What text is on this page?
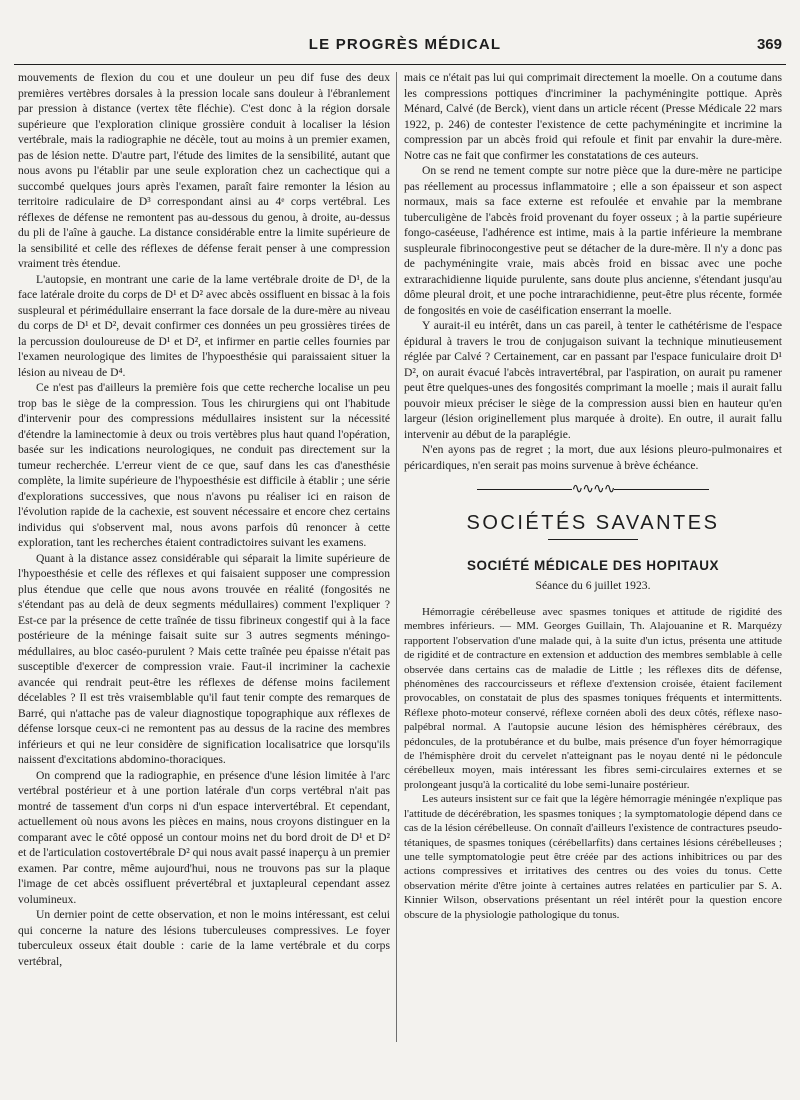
LE PROGRÈS MÉDICAL	369

mouvements de flexion du cou et une douleur un peu dif fuse des deux premières vertèbres dorsales à la pression locale sans douleur à l'ébranlement par pression à distance (vertex tête fléchie). C'est donc à la région dorsale supérieure que l'exploration clinique grossière conduit à localiser la lésion vertébrale, mais la radiographie ne décèle, tout au moins à un premier examen, pas de lésion nette. D'autre part, l'étude des limites de la sensibilité, autant que nous avons pu l'établir par une seule exploration chez un cachectique qui a succombé quelques jours après l'examen, paraît faire remonter la lésion au territoire radiculaire de D³ correspondant ainsi au 4ᵉ corps vertébral. Les réflexes de défense ne remontent pas au-dessous du genou, à droite, au-dessus du pli de l'aîne à gauche. La distance considérable entre la limite supérieure de la sensibilité et celle des réflexes de défense ferait penser à une compression vraiment très étendue.

L'autopsie, en montrant une carie de la lame vertébrale droite de D¹, de la face latérale droite du corps de D¹ et D² avec abcès ossifluent en bissac à la fois suspleural et périmédullaire enserrant la face dorsale de la dure-mère au niveau du corps de D¹ et D², devait confirmer ces données un peu grossières tirées de la percussion douloureuse de D¹ et D², et infirmer en partie celles fournies par l'examen neurologique des limites de l'hypoesthésie qui paraissaient situer la lésion au niveau de D⁴.

Ce n'est pas d'ailleurs la première fois que cette recherche localise un peu trop bas le siège de la compression. Tous les chirurgiens qui ont l'habitude d'intervenir pour des compressions médullaires insistent sur la nécessité d'étendre la laminectomie à deux ou trois vertèbres plus haut quand l'opération, basée sur les indications neurologiques, ne conduit pas directement sur la tumeur recherchée. L'erreur vient de ce que, sauf dans les cas d'anesthésie complète, la limite supérieure de l'hypoesthésie est difficile à établir ; une série d'explorations successives, que nous n'avons pu réaliser ici en raison de l'évolution rapide de la cachexie, est souvent nécessaire et encore chez certains individus qui s'observent mal, nous avons parfois dû renoncer à cette exploration, tant les recherches étaient contradictoires suivant les examens.

Quant à la distance assez considérable qui séparait la limite supérieure de l'hypoesthésie et celle des réflexes et qui faisaient supposer une compression plus étendue que celle que nous avons trouvée en réalité (fongosités ne s'étendant pas au delà de deux segments médullaires) comment l'expliquer ? Est-ce par la présence de cette traînée de tissu fibrineux congestif qui à la face postérieure de la méninge faisait suite sur 3 autres segments méningo-médullaires, au bloc caséo-purulent ? Mais cette traînée peu épaisse n'était pas susceptible d'exercer de compression vraie. Faut-il incriminer la cachexie avancée qui rendrait peut-être les réflexes de défense moins facilement décelables ? Il est très vraisemblable qu'il faut tenir compte des remarques de Barré, qui n'attache pas de valeur diagnostique topographique aux réflexes de défense lorsque ceux-ci ne remontent pas au dessus de la racine des membres inférieurs et qui ne leur considère de signification localisatrice que lorsqu'ils naissent d'excitations abdomino-thoraciques.

On comprend que la radiographie, en présence d'une lésion limitée à l'arc vertébral postérieur et à une portion latérale d'un corps vertébral n'ait pas montré de tassement d'un corps ni d'un espace intervertébral. Et cependant, actuellement où nous avons les pièces en mains, nous croyons distinguer en la comparant avec le côté opposé un contour moins net du bord droit de D¹ et D² et de l'articulation costovertébrale D² qui nous avait passé inaperçu à un premier examen. Par contre, même aujourd'hui, nous ne trouvons pas sur la plaque l'image de cet abcès ossifluent prévertébral et juxtapleural cependant assez volumineux.

Un dernier point de cette observation, et non le moins intéressant, est celui qui concerne la nature des lésions tuberculeuses compressives. Le foyer tuberculeux osseux était double : carie de la lame vertébrale et du corps vertébral,

mais ce n'était pas lui qui comprimait directement la moelle. On a coutume dans les compressions pottiques d'incriminer la pachyméningite pottique. Après Ménard, Calvé (de Berck), vient dans un article récent (Presse Médicale 22 mars 1922, p. 246) de contester l'existence de cette pachyméningite et incrimine la compression par un abcès froid qui refoule et finit par envahir la dure-mère. Notre cas ne fait que confirmer les constatations de ces auteurs.

On se rend ne tement compte sur notre pièce que la dure-mère ne participe pas réellement au processus inflammatoire ; elle a son épaisseur et son aspect normaux, mais sa face externe est refoulée et envahie par la membrane tuberculigène de l'abcès froid provenant du foyer osseux ; à la partie supérieure fongo-caséeuse, l'adhérence est intime, mais à la partie inférieure la membrane suspleurale fibrinocongestive peut se détacher de la dure-mère. Il n'y a donc pas de pachyméningite vraie, mais abcès froid en bissac avec une poche extrarachidienne liquide purulente, sans doute plus ancienne, s'étendant jusqu'au dôme pleural droit, et une poche intrarachidienne, peut-être plus récente, formée de fongosités en voie de caséification enserrant la moelle.

Y aurait-il eu intérêt, dans un cas pareil, à tenter le cathétérisme de l'espace épidural à travers le trou de conjugaison suivant la technique minutieusement réglée par Calvé ? Certainement, car en passant par l'espace funiculaire droit D¹ D², on aurait évacué l'abcès intravertébral, par l'aspiration, on aurait pu ramener peut être quelques-unes des fongosités comprimant la moelle ; mais il aurait fallu pouvoir mieux préciser le siège de la compression aussi bien en hauteur qu'en largeur (lésion originellement plus marquée à droite). En outre, il aurait fallu intervenir au début de la paraplégie.

N'en ayons pas de regret ; la mort, due aux lésions pleuro-pulmonaires et péricardiques, n'en serait pas moins survenue à brève échéance.

∿∿∿∿
SOCIÉTÉS SAVANTES
SOCIÉTÉ MÉDICALE DES HOPITAUX
Séance du 6 juillet 1923.

Hémorragie cérébelleuse avec spasmes toniques et attitude de rigidité des membres inférieurs. — MM. Georges Guillain, Th. Alajouanine et R. Marquézy rapportent l'observation d'une malade qui, à la suite d'un ictus, présenta une attitude de rigidité et de contracture en extension et adduction des membres semblable à celle observée dans certains cas de maladie de Little ; les réflexes dits de défense, phénomènes des raccourcisseurs et réflexe d'extension croisée, étaient facilement provocables, on constatait de plus des spasmes toniques fréquents et intermittents. Réflexe photo-moteur conservé, réflexe cornéen aboli des deux côtés, réflexe naso-palpébral normal. A l'autopsie aucune lésion des hémisphères cérébraux, des pédoncules, de la protubérance et du bulbe, mais présence d'un foyer hémorragique de l'hémisphère droit du cervelet n'atteignant pas le noyau denté ni le pédoncule cérébelleux moyen, mais intéressant les fibres semi-circulaires externes et se prolongeant jusqu'à la corticalité du lobe semi-lunaire postérieur.

Les auteurs insistent sur ce fait que la légère hémorragie méningée n'explique pas l'attitude de décérébration, les spasmes toniques ; la symptomatologie dépend dans ce cas de la lésion cérébelleuse. On connaît d'ailleurs l'existence de contractures pseudo-tétaniques, de spasmes toniques (cérébellarfits) dans certaines lésions cérébelleuses ; une telle symptomatologie peut être créée par des actions inhibitrices ou par des actions compressives et irritatives des centres ou des voies du tonus. Cette observation mérite d'être jointe à certaines autres relatées en particulier par S. A. Kinnier Wilson, observations présentant un réel intérêt pour la question encore obscure de la physiologie pathologique du tonus.
